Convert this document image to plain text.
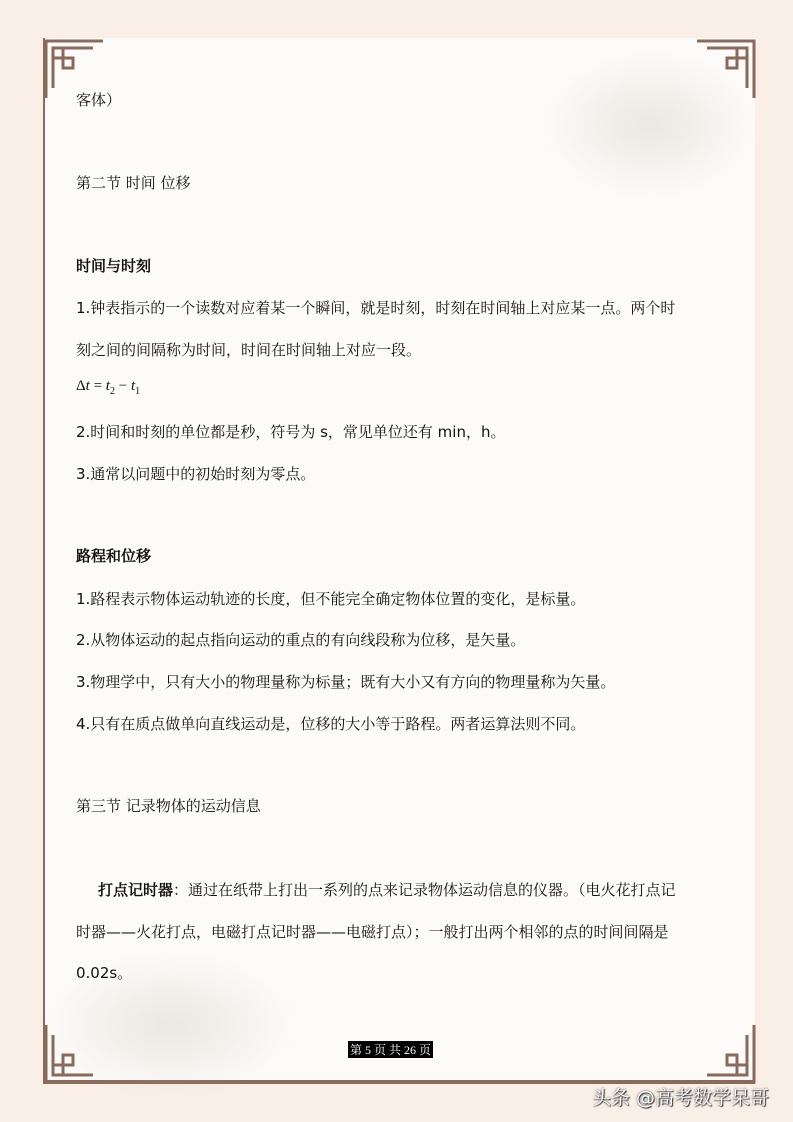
客体）
第二节 时间 位移
时间与时刻
1.钟表指示的一个读数对应着某一个瞬间，就是时刻，时刻在时间轴上对应某一点。两个时
刻之间的间隔称为时间，时间在时间轴上对应一段。
$\Delta t = t_2 - t_1$
2.时间和时刻的单位都是秒，符号为 s，常见单位还有 min，h。
3.通常以问题中的初始时刻为零点。
路程和位移
1.路程表示物体运动轨迹的长度，但不能完全确定物体位置的变化，是标量。
2.从物体运动的起点指向运动的重点的有向线段称为位移，是矢量。
3.物理学中，只有大小的物理量称为标量；既有大小又有方向的物理量称为矢量。
4.只有在质点做单向直线运动是，位移的大小等于路程。两者运算法则不同。
第三节 记录物体的运动信息
打点记时器：通过在纸带上打出一系列的点来记录物体运动信息的仪器。（电火花打点记
时器——火花打点，电磁打点记时器——电磁打点）；一般打出两个相邻的点的时间间隔是
0.02s。
第 5 页 共 26 页
头条 @高考数学呆哥
